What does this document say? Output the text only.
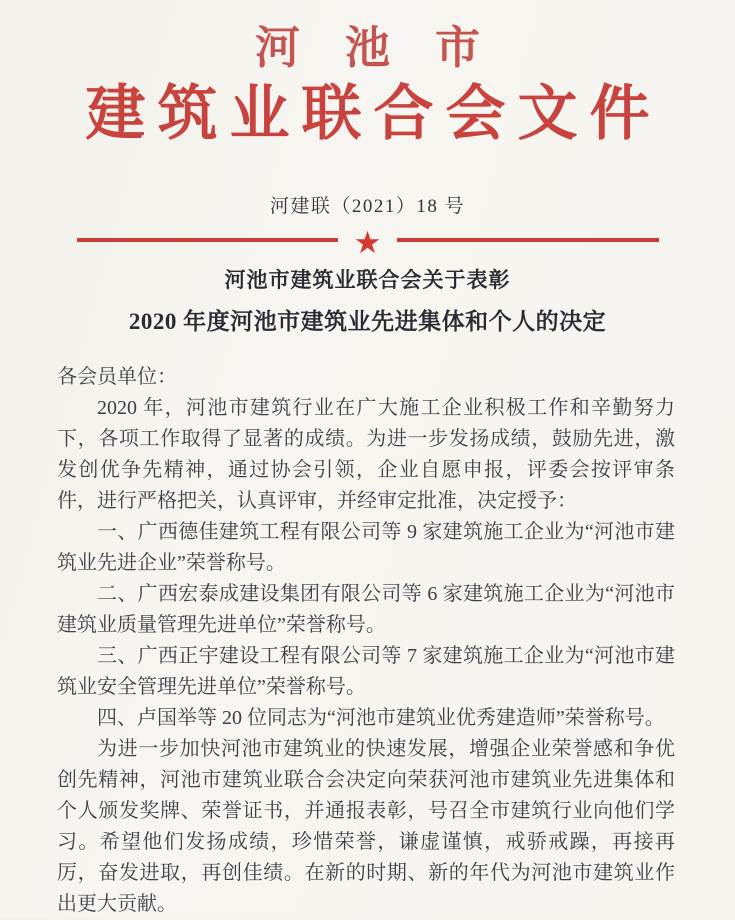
河池市
建筑业联合会文件
河建联（2021）18 号
★
河池市建筑业联合会关于表彰
2020 年度河池市建筑业先进集体和个人的决定

各会员单位：

2020 年，河池市建筑行业在广大施工企业积极工作和辛勤努力下，各项工作取得了显著的成绩。为进一步发扬成绩，鼓励先进，激发创优争先精神，通过协会引领，企业自愿申报，评委会按评审条件，进行严格把关，认真评审，并经审定批准，决定授予：

一、广西德佳建筑工程有限公司等 9 家建筑施工企业为“河池市建筑业先进企业”荣誉称号。

二、广西宏泰成建设集团有限公司等 6 家建筑施工企业为“河池市建筑业质量管理先进单位”荣誉称号。

三、广西正宇建设工程有限公司等 7 家建筑施工企业为“河池市建筑业安全管理先进单位”荣誉称号。

四、卢国举等 20 位同志为“河池市建筑业优秀建造师”荣誉称号。

为进一步加快河池市建筑业的快速发展，增强企业荣誉感和争优创先精神，河池市建筑业联合会决定向荣获河池市建筑业先进集体和个人颁发奖牌、荣誉证书，并通报表彰，号召全市建筑行业向他们学习。希望他们发扬成绩，珍惜荣誉，谦虚谨慎，戒骄戒躁，再接再厉，奋发进取，再创佳绩。在新的时期、新的年代为河池市建筑业作出更大贡献。
